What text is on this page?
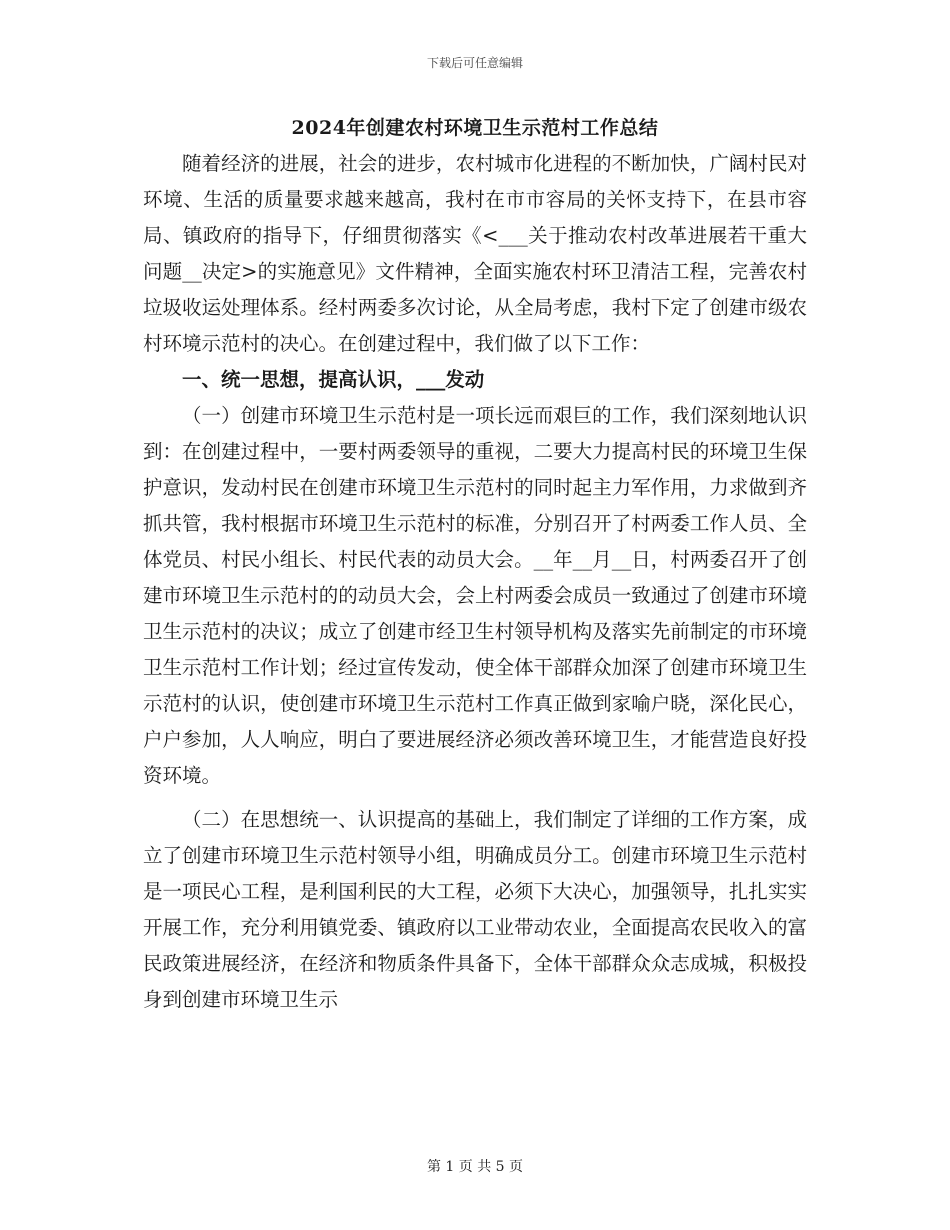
下载后可任意编辑
2024年创建农村环境卫生示范村工作总结

随着经济的进展，社会的进步，农村城市化进程的不断加快，广阔村民对环境、生活的质量要求越来越高，我村在市市容局的关怀支持下，在县市容局、镇政府的指导下，仔细贯彻落实《<___关于推动农村改革进展若干重大问题__决定>的实施意见》文件精神，全面实施农村环卫清洁工程，完善农村垃圾收运处理体系。经村两委多次讨论，从全局考虑，我村下定了创建市级农村环境示范村的决心。在创建过程中，我们做了以下工作：

一、统一思想，提高认识，___发动

（一）创建市环境卫生示范村是一项长远而艰巨的工作，我们深刻地认识到：在创建过程中，一要村两委领导的重视，二要大力提高村民的环境卫生保护意识，发动村民在创建市环境卫生示范村的同时起主力军作用，力求做到齐抓共管，我村根据市环境卫生示范村的标准，分别召开了村两委工作人员、全体党员、村民小组长、村民代表的动员大会。__年__月__日，村两委召开了创建市环境卫生示范村的的动员大会，会上村两委会成员一致通过了创建市环境卫生示范村的决议；成立了创建市经卫生村领导机构及落实先前制定的市环境卫生示范村工作计划；经过宣传发动，使全体干部群众加深了创建市环境卫生示范村的认识，使创建市环境卫生示范村工作真正做到家喻户晓，深化民心，户户参加，人人响应，明白了要进展经济必须改善环境卫生，才能营造良好投资环境。

（二）在思想统一、认识提高的基础上，我们制定了详细的工作方案，成立了创建市环境卫生示范村领导小组，明确成员分工。创建市环境卫生示范村是一项民心工程，是利国利民的大工程，必须下大决心，加强领导，扎扎实实开展工作，充分利用镇党委、镇政府以工业带动农业，全面提高农民收入的富民政策进展经济，在经济和物质条件具备下，全体干部群众众志成城，积极投身到创建市环境卫生示

第 1 页 共 5 页
